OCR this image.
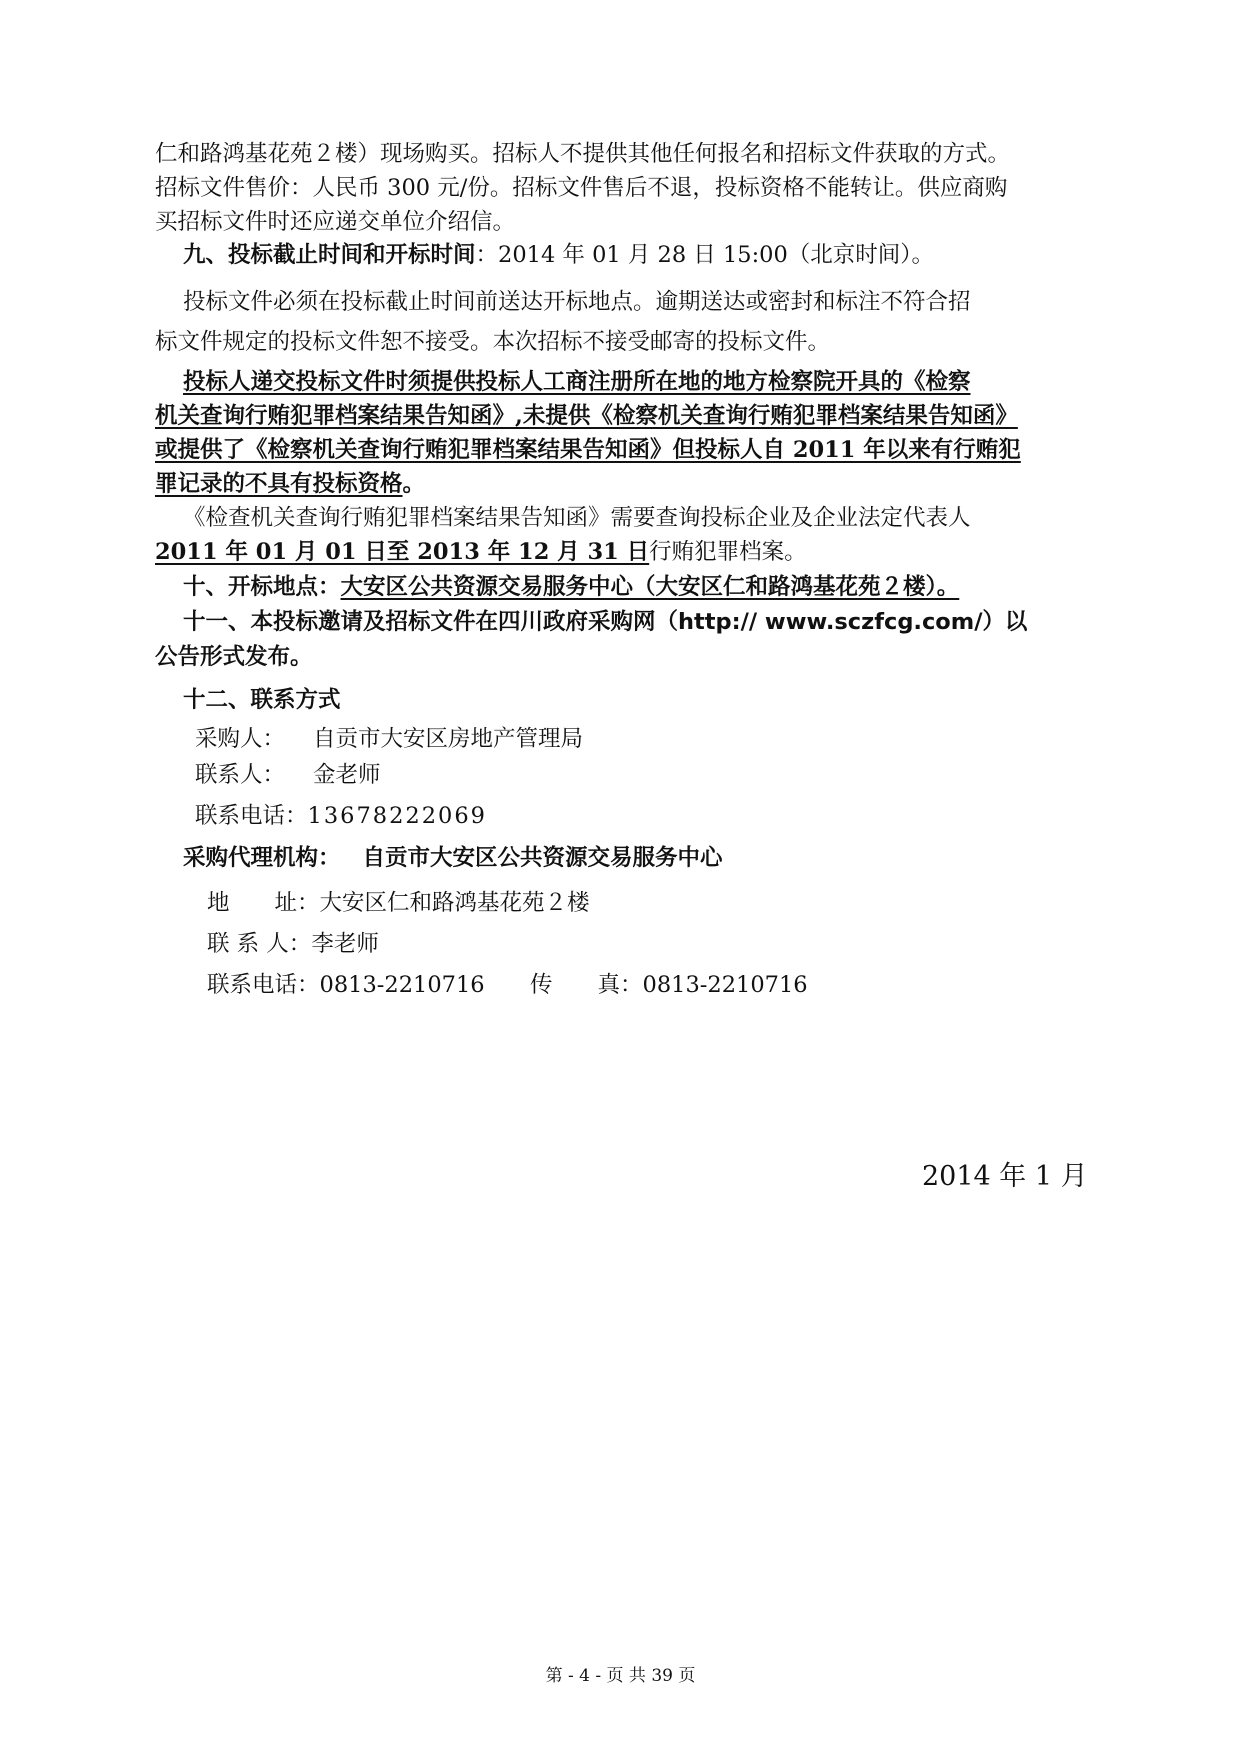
仁和路鸿基花苑２楼）现场购买。招标人不提供其他任何报名和招标文件获取的方式。
招标文件售价：人民币 300 元/份。招标文件售后不退，投标资格不能转让。供应商购
买招标文件时还应递交单位介绍信。
九、投标截止时间和开标时间：2014 年 01 月 28 日 15:00（北京时间）。
投标文件必须在投标截止时间前送达开标地点。逾期送达或密封和标注不符合招
标文件规定的投标文件恕不接受。本次招标不接受邮寄的投标文件。
投标人递交投标文件时须提供投标人工商注册所在地的地方检察院开具的《检察
机关查询行贿犯罪档案结果告知函》,未提供《检察机关查询行贿犯罪档案结果告知函》
或提供了《检察机关查询行贿犯罪档案结果告知函》但投标人自 2011 年以来有行贿犯
罪记录的不具有投标资格。
《检查机关查询行贿犯罪档案结果告知函》需要查询投标企业及企业法定代表人
2011 年 01 月 01 日至 2013 年 12 月 31 日行贿犯罪档案。
十、开标地点：大安区公共资源交易服务中心（大安区仁和路鸿基花苑２楼）。
十一、本投标邀请及招标文件在四川政府采购网（http:// www.sczfcg.com/）以
公告形式发布。
十二、联系方式
采购人： 自贡市大安区房地产管理局
联系人： 金老师
联系电话：13678222069
采购代理机构： 自贡市大安区公共资源交易服务中心
地　　址：大安区仁和路鸿基花苑２楼
联 系 人：李老师
联系电话：0813-2210716 传　　真：0813-2210716
2014 年 1 月
第 - 4 - 页 共 39 页
